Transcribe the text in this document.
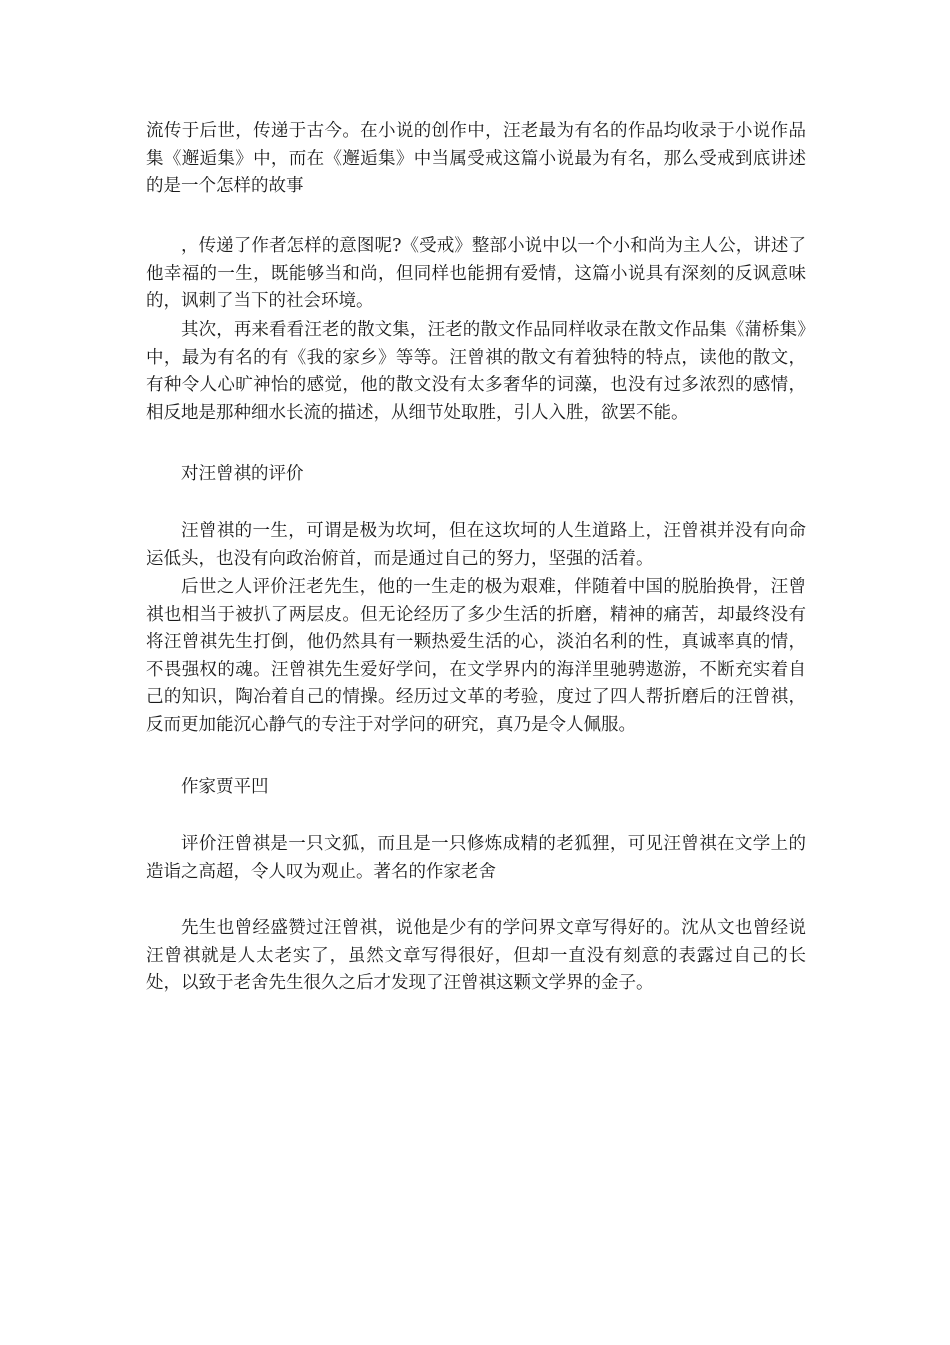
流传于后世，传递于古今。在小说的创作中，汪老最为有名的作品均收录于小说作品集《邂逅集》中，而在《邂逅集》中当属受戒这篇小说最为有名，那么受戒到底讲述的是一个怎样的故事

，传递了作者怎样的意图呢?《受戒》整部小说中以一个小和尚为主人公，讲述了他幸福的一生，既能够当和尚，但同样也能拥有爱情，这篇小说具有深刻的反讽意味的，讽刺了当下的社会环境。

其次，再来看看汪老的散文集，汪老的散文作品同样收录在散文作品集《蒲桥集》中，最为有名的有《我的家乡》等等。汪曾祺的散文有着独特的特点，读他的散文，有种令人心旷神怡的感觉，他的散文没有太多奢华的词藻，也没有过多浓烈的感情，相反地是那种细水长流的描述，从细节处取胜，引人入胜，欲罢不能。

对汪曾祺的评价

汪曾祺的一生，可谓是极为坎坷，但在这坎坷的人生道路上，汪曾祺并没有向命运低头，也没有向政治俯首，而是通过自己的努力，坚强的活着。

后世之人评价汪老先生，他的一生走的极为艰难，伴随着中国的脱胎换骨，汪曾祺也相当于被扒了两层皮。但无论经历了多少生活的折磨，精神的痛苦，却最终没有将汪曾祺先生打倒，他仍然具有一颗热爱生活的心，淡泊名利的性，真诚率真的情，不畏强权的魂。汪曾祺先生爱好学问，在文学界内的海洋里驰骋遨游，不断充实着自己的知识，陶冶着自己的情操。经历过文革的考验，度过了四人帮折磨后的汪曾祺，反而更加能沉心静气的专注于对学问的研究，真乃是令人佩服。

作家贾平凹

评价汪曾祺是一只文狐，而且是一只修炼成精的老狐狸，可见汪曾祺在文学上的造诣之高超，令人叹为观止。著名的作家老舍

先生也曾经盛赞过汪曾祺，说他是少有的学问界文章写得好的。沈从文也曾经说汪曾祺就是人太老实了，虽然文章写得很好，但却一直没有刻意的表露过自己的长处，以致于老舍先生很久之后才发现了汪曾祺这颗文学界的金子。
